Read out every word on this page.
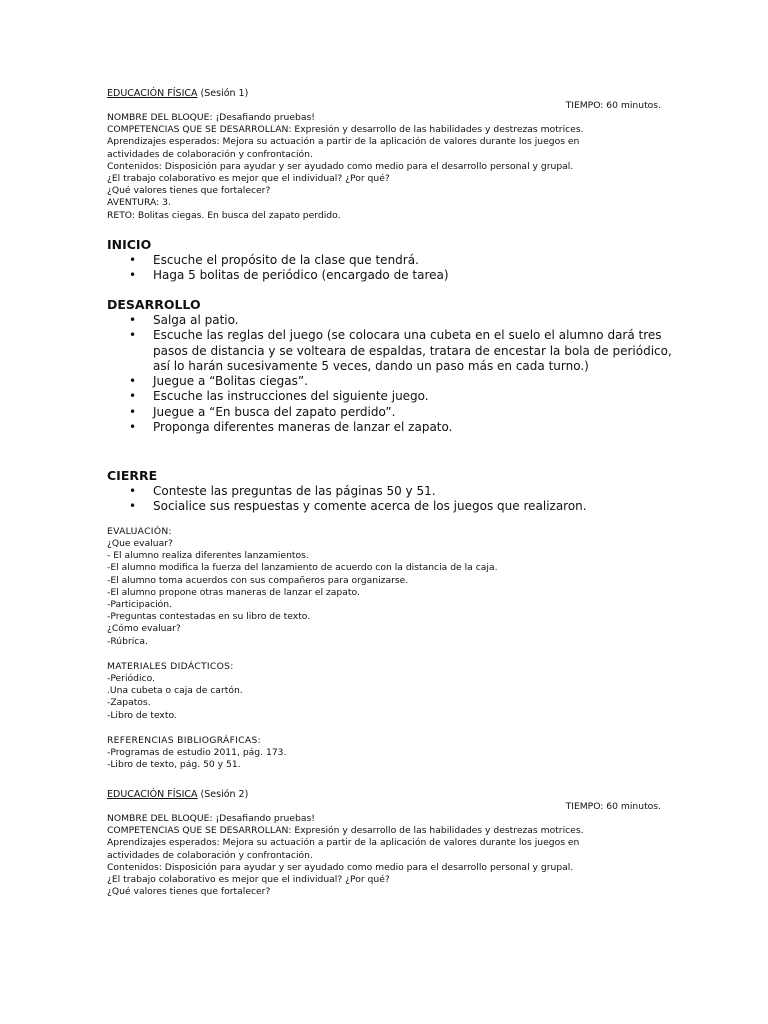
EDUCACIÓN FÍSICA (Sesión 1)

TIEMPO: 60 minutos.

NOMBRE DEL BLOQUE: ¡Desafiando pruebas!

COMPETENCIAS QUE SE DESARROLLAN: Expresión y desarrollo de las habilidades y destrezas motrices.

Aprendizajes esperados: Mejora su actuación a partir de la aplicación de valores durante los juegos en

actividades de colaboración y confrontación.

Contenidos: Disposición para ayudar y ser ayudado como medio para el desarrollo personal y grupal.

¿El trabajo colaborativo es mejor que el individual? ¿Por qué?

¿Qué valores tienes que fortalecer?

AVENTURA: 3.

RETO: Bolitas ciegas. En busca del zapato perdido.

INICIO

• Escuche el propósito de la clase que tendrá.
• Haga 5 bolitas de periódico (encargado de tarea)

DESARROLLO

• Salga al patio.
• Escuche las reglas del juego (se colocara una cubeta en el suelo el alumno dará tres pasos de distancia y se volteara de espaldas, tratara de encestar la bola de periódico, así lo harán sucesivamente 5 veces, dando un paso más en cada turno.)
• Juegue a “Bolitas ciegas”.
• Escuche las instrucciones del siguiente juego.
• Juegue a “En busca del zapato perdido”.
• Proponga diferentes maneras de lanzar el zapato.

CIERRE

• Conteste las preguntas de las páginas 50 y 51.
• Socialice sus respuestas y comente acerca de los juegos que realizaron.

EVALUACIÓN:

¿Que evaluar?

- El alumno realiza diferentes lanzamientos.

-El alumno modifica la fuerza del lanzamiento de acuerdo con la distancia de la caja.

-El alumno toma acuerdos con sus compañeros para organizarse.

-El alumno propone otras maneras de lanzar el zapato.

-Participación.

-Preguntas contestadas en su libro de texto.

¿Cómo evaluar?

-Rúbrica.

MATERIALES DIDÁCTICOS:

-Periódico.

.Una cubeta o caja de cartón.

-Zapatos.

-Libro de texto.

REFERENCIAS BIBLIOGRÁFICAS:

-Programas de estudio 2011, pág. 173.

-Libro de texto, pág. 50 y 51.

EDUCACIÓN FÍSICA (Sesión 2)

TIEMPO: 60 minutos.

NOMBRE DEL BLOQUE: ¡Desafiando pruebas!

COMPETENCIAS QUE SE DESARROLLAN: Expresión y desarrollo de las habilidades y destrezas motrices.

Aprendizajes esperados: Mejora su actuación a partir de la aplicación de valores durante los juegos en

actividades de colaboración y confrontación.

Contenidos: Disposición para ayudar y ser ayudado como medio para el desarrollo personal y grupal.

¿El trabajo colaborativo es mejor que el individual? ¿Por qué?

¿Qué valores tienes que fortalecer?
